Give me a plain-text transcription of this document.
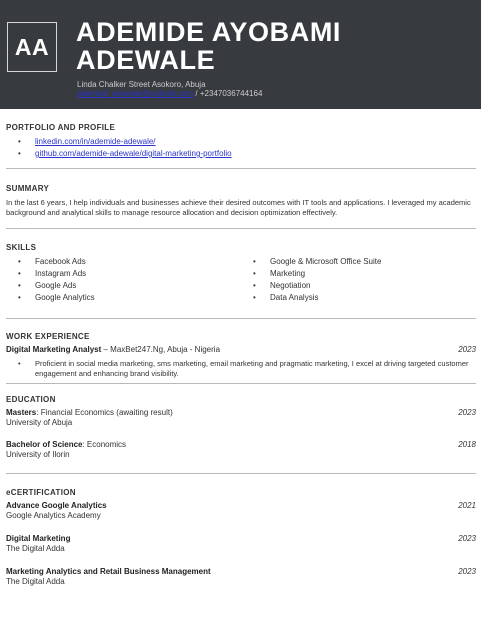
AA ADEMIDE AYOBAMI ADEWALE
Linda Chalker Street Asokoro, Abuja
ademide_adewale@outlook.com / +2347036744164
PORTFOLIO AND PROFILE
• linkedin.com/in/ademide-adewale/
• github.com/ademide-adewale/digital-marketing-portfolio
SUMMARY
In the last 6 years, I help individuals and businesses achieve their desired outcomes with IT tools and applications. I leveraged my academic background and analytical skills to manage resource allocation and decision optimization effectively.
SKILLS
• Facebook Ads
• Instagram Ads
• Google Ads
• Google Analytics
• Google & Microsoft Office Suite
• Marketing
• Negotiation
• Data Analysis
WORK EXPERIENCE
Digital Marketing Analyst – MaxBet247.Ng, Abuja - Nigeria	2023
• Proficient in social media marketing, sms marketing, email marketing and pragmatic marketing, I excel at driving targeted customer engagement and enhancing brand visibility.
EDUCATION
Masters: Financial Economics (awaiting result)	2023
University of Abuja
Bachelor of Science: Economics	2018
University of Ilorin
eCERTIFICATION
Advance Google Analytics	2021
Google Analytics Academy
Digital Marketing	2023
The Digital Adda
Marketing Analytics and Retail Business Management	2023
The Digital Adda
